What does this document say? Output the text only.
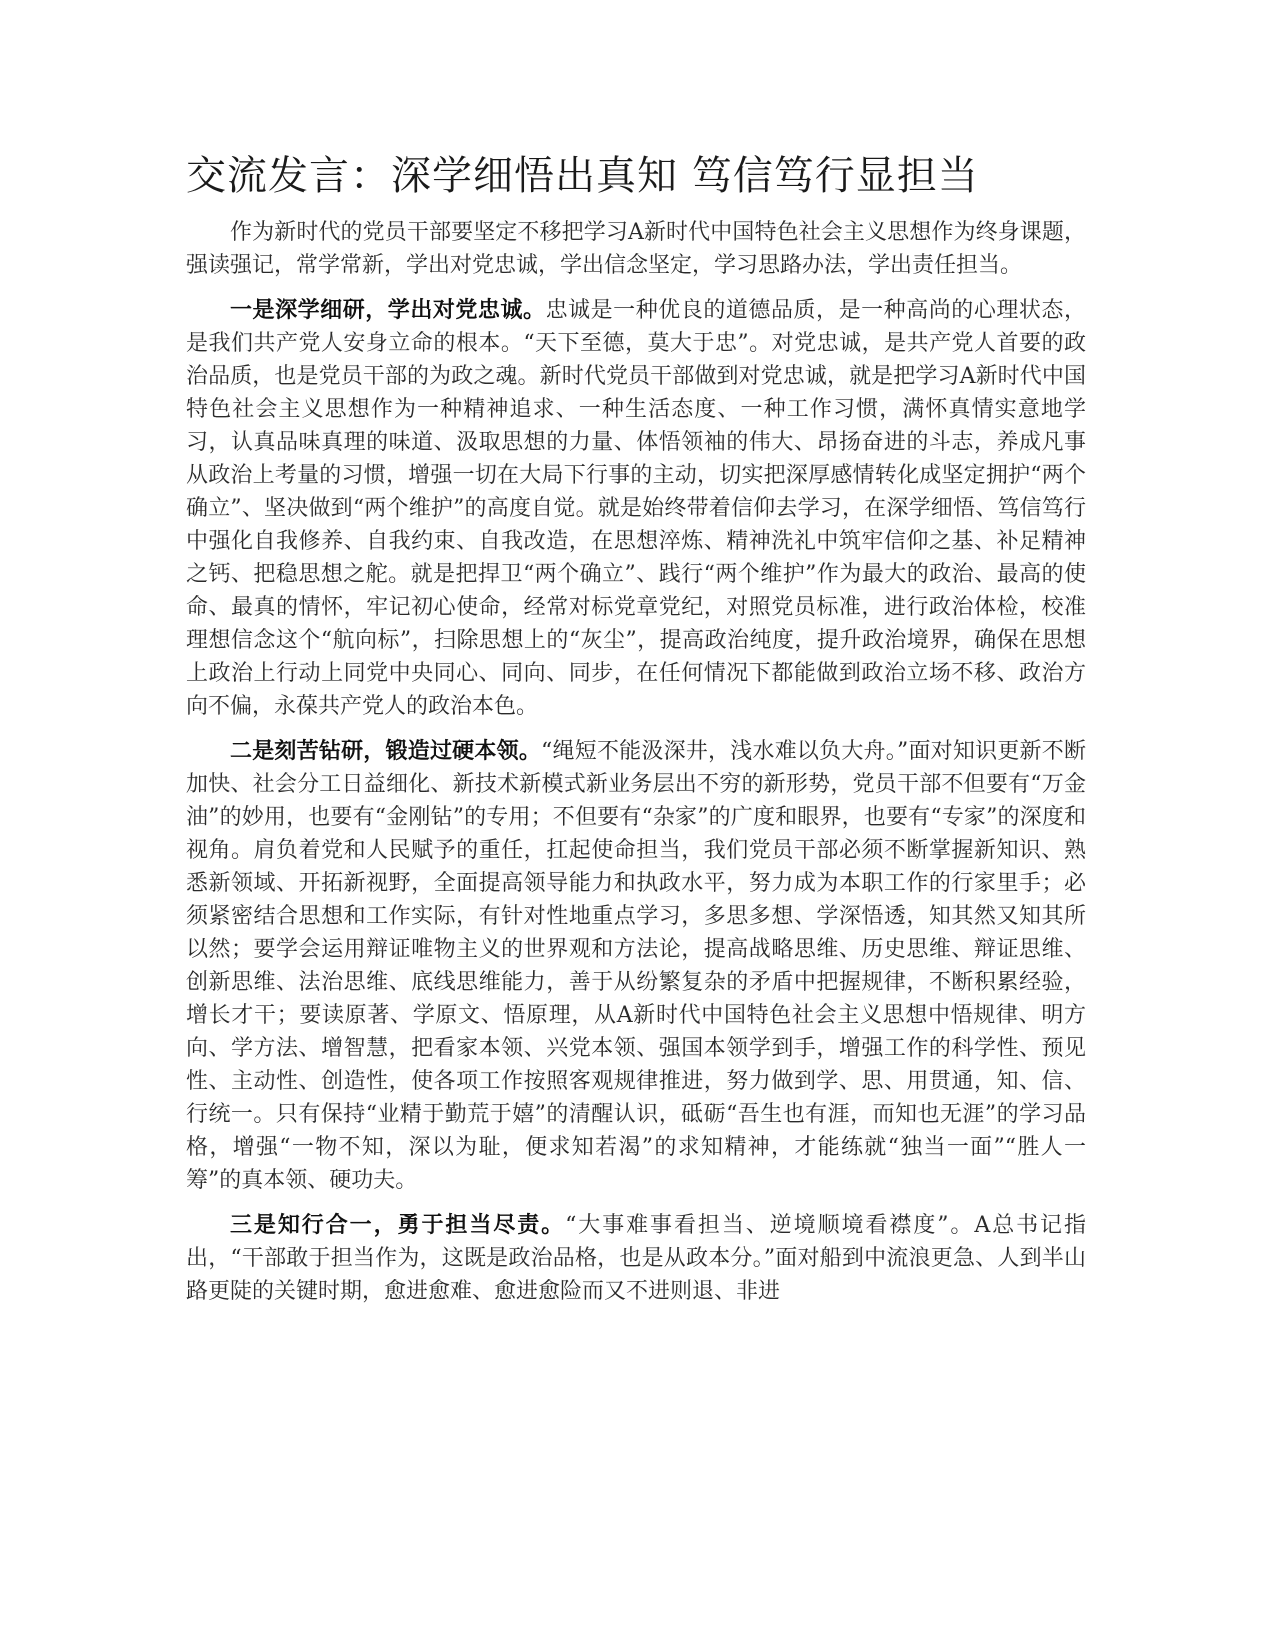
交流发言：深学细悟出真知 笃信笃行显担当

作为新时代的党员干部要坚定不移把学习A新时代中国特色社会主义思想作为终身课题，强读强记，常学常新，学出对党忠诚，学出信念坚定，学习思路办法，学出责任担当。

一是深学细研，学出对党忠诚。忠诚是一种优良的道德品质，是一种高尚的心理状态，是我们共产党人安身立命的根本。“天下至德，莫大于忠”。对党忠诚，是共产党人首要的政治品质，也是党员干部的为政之魂。新时代党员干部做到对党忠诚，就是把学习A新时代中国特色社会主义思想作为一种精神追求、一种生活态度、一种工作习惯，满怀真情实意地学习，认真品味真理的味道、汲取思想的力量、体悟领袖的伟大、昂扬奋进的斗志，养成凡事从政治上考量的习惯，增强一切在大局下行事的主动，切实把深厚感情转化成坚定拥护“两个确立”、坚决做到“两个维护”的高度自觉。就是始终带着信仰去学习，在深学细悟、笃信笃行中强化自我修养、自我约束、自我改造，在思想淬炼、精神洗礼中筑牢信仰之基、补足精神之钙、把稳思想之舵。就是把捍卫“两个确立”、践行“两个维护”作为最大的政治、最高的使命、最真的情怀，牢记初心使命，经常对标党章党纪，对照党员标准，进行政治体检，校准理想信念这个“航向标”，扫除思想上的“灰尘”，提高政治纯度，提升政治境界，确保在思想上政治上行动上同党中央同心、同向、同步，在任何情况下都能做到政治立场不移、政治方向不偏，永葆共产党人的政治本色。

二是刻苦钻研，锻造过硬本领。“绳短不能汲深井，浅水难以负大舟。”面对知识更新不断加快、社会分工日益细化、新技术新模式新业务层出不穷的新形势，党员干部不但要有“万金油”的妙用，也要有“金刚钻”的专用；不但要有“杂家”的广度和眼界，也要有“专家”的深度和视角。肩负着党和人民赋予的重任，扛起使命担当，我们党员干部必须不断掌握新知识、熟悉新领域、开拓新视野，全面提高领导能力和执政水平，努力成为本职工作的行家里手；必须紧密结合思想和工作实际，有针对性地重点学习，多思多想、学深悟透，知其然又知其所以然；要学会运用辩证唯物主义的世界观和方法论，提高战略思维、历史思维、辩证思维、创新思维、法治思维、底线思维能力，善于从纷繁复杂的矛盾中把握规律，不断积累经验，增长才干；要读原著、学原文、悟原理，从A新时代中国特色社会主义思想中悟规律、明方向、学方法、增智慧，把看家本领、兴党本领、强国本领学到手，增强工作的科学性、预见性、主动性、创造性，使各项工作按照客观规律推进，努力做到学、思、用贯通，知、信、行统一。只有保持“业精于勤荒于嬉”的清醒认识，砥砺“吾生也有涯，而知也无涯”的学习品格，增强“一物不知，深以为耻，便求知若渴”的求知精神，才能练就“独当一面”“胜人一筹”的真本领、硬功夫。

三是知行合一，勇于担当尽责。“大事难事看担当、逆境顺境看襟度”。A总书记指出，“干部敢于担当作为，这既是政治品格，也是从政本分。”面对船到中流浪更急、人到半山路更陡的关键时期，愈进愈难、愈进愈险而又不进则退、非进
